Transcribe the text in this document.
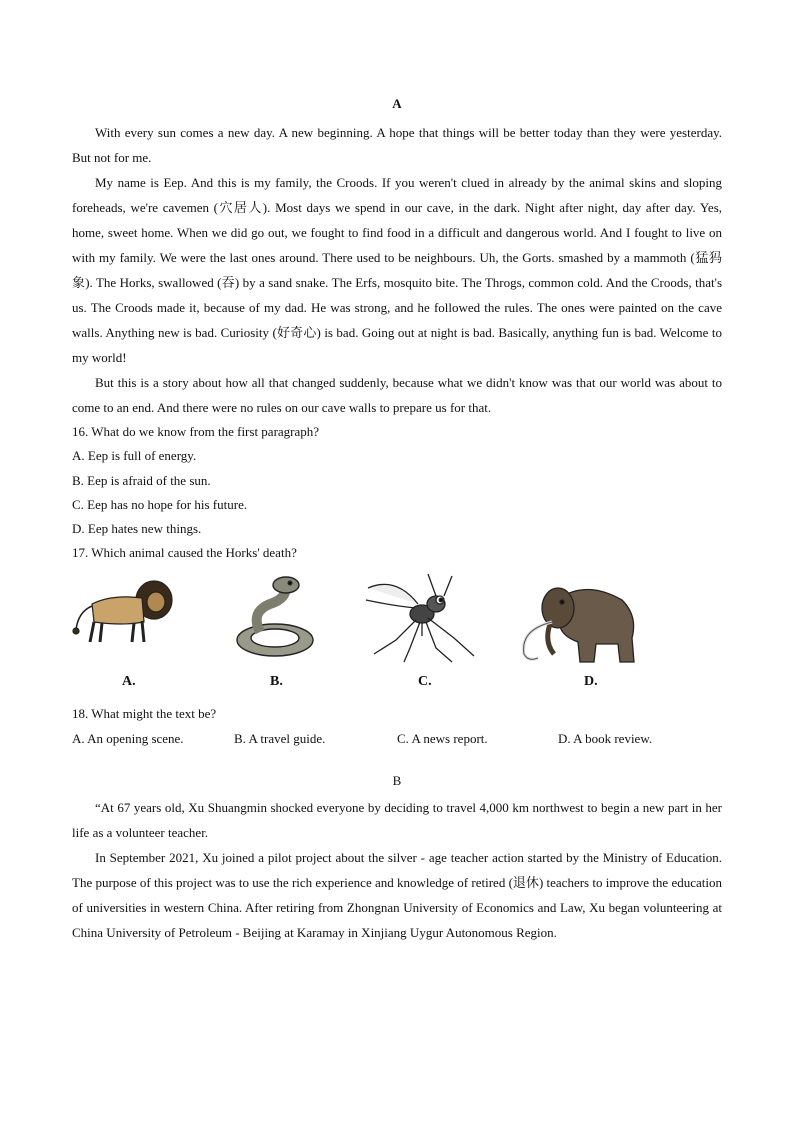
A

With every sun comes a new day. A new beginning. A hope that things will be better today than they were yesterday. But not for me.

My name is Eep. And this is my family, the Croods. If you weren't clued in already by the animal skins and sloping foreheads, we're cavemen (穴居人). Most days we spend in our cave, in the dark. Night after night, day after day. Yes, home, sweet home. When we did go out, we fought to find food in a difficult and dangerous world. And I fought to live on with my family. We were the last ones around. There used to be neighbours. Uh, the Gorts. smashed by a mammoth (猛犸象). The Horks, swallowed (吞) by a sand snake. The Erfs, mosquito bite. The Throgs, common cold. And the Croods, that's us. The Croods made it, because of my dad. He was strong, and he followed the rules. The ones were painted on the cave walls. Anything new is bad. Curiosity (好奇心) is bad. Going out at night is bad. Basically, anything fun is bad. Welcome to my world!

But this is a story about how all that changed suddenly, because what we didn't know was that our world was about to come to an end. And there were no rules on our cave walls to prepare us for that.

16. What do we know from the first paragraph?
A. Eep is full of energy.
B. Eep is afraid of the sun.
C. Eep has no hope for his future.
D. Eep hates new things.
17. Which animal caused the Horks' death?
A.	B.	C.	D.
18. What might the text be?
A. An opening scene.	B. A travel guide.	C. A news report.	D. A book review.
B

“At 67 years old, Xu Shuangmin shocked everyone by deciding to travel 4,000 km northwest to begin a new part in her life as a volunteer teacher.

In September 2021, Xu joined a pilot project about the silver - age teacher action started by the Ministry of Education. The purpose of this project was to use the rich experience and knowledge of retired (退休) teachers to improve the education of universities in western China. After retiring from Zhongnan University of Economics and Law, Xu began volunteering at China University of Petroleum - Beijing at Karamay in Xinjiang Uygur Autonomous Region.
